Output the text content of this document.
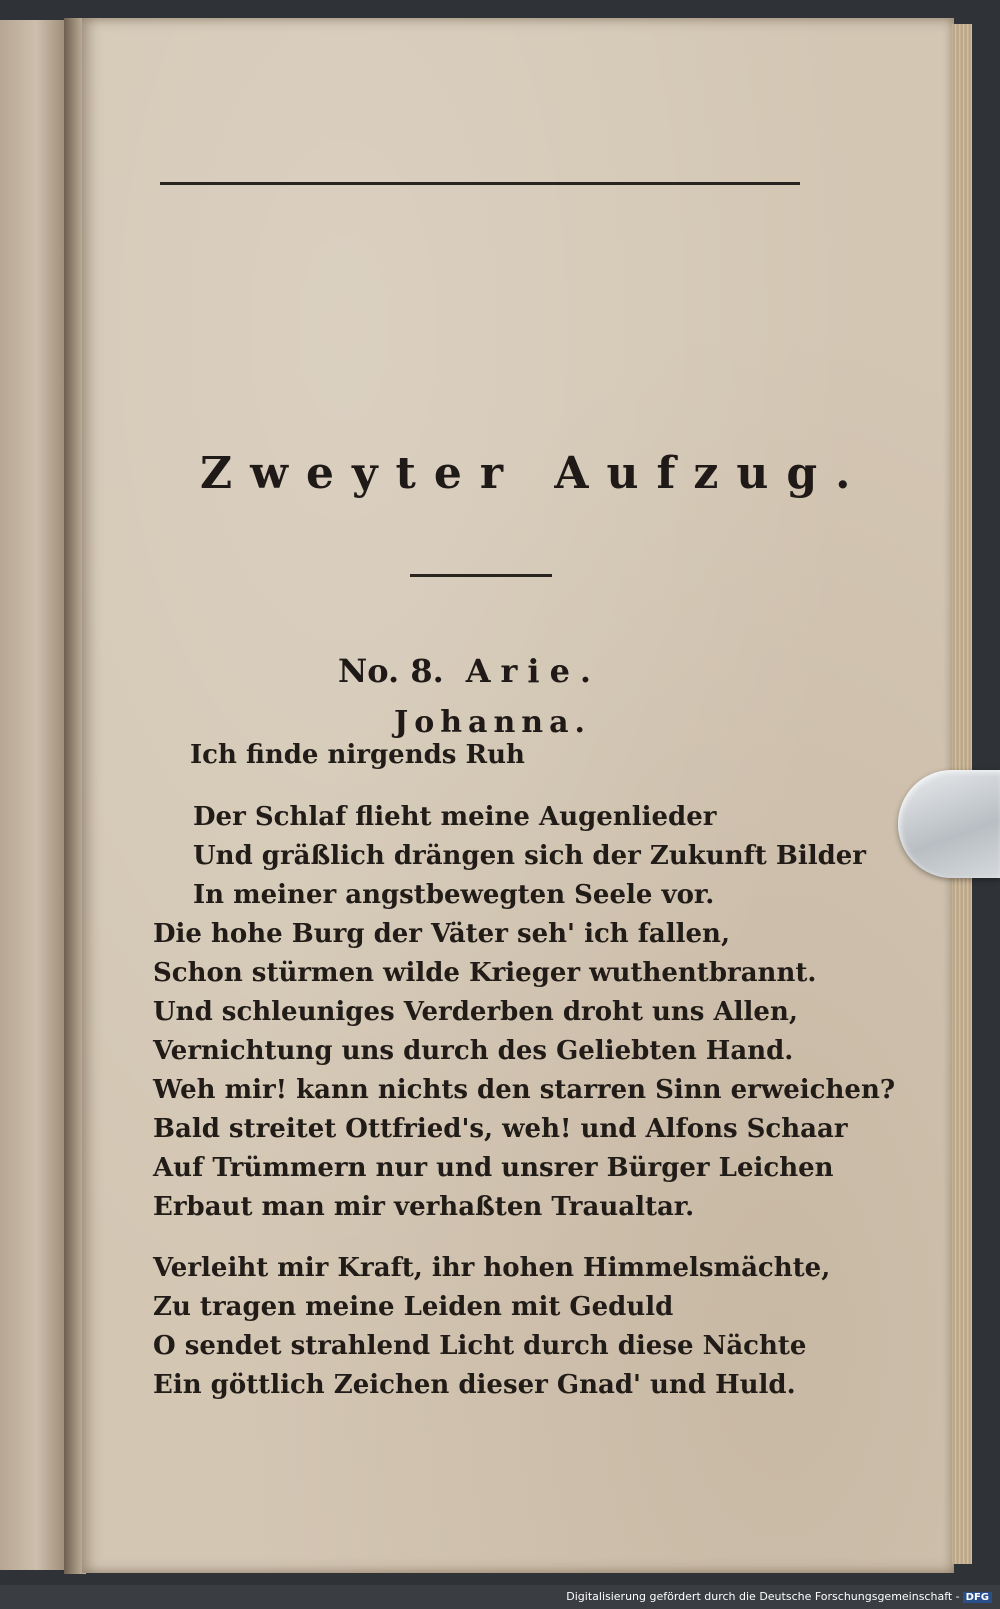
Zweyter Aufzug.
No. 8. Arie.
Johanna.
Ich finde nirgends Ruh
Der Schlaf flieht meine Augenlieder
Und gräßlich drängen sich der Zukunft Bilder
In meiner angstbewegten Seele vor.
Die hohe Burg der Väter seh' ich fallen,
Schon stürmen wilde Krieger wuthentbrannt.
Und schleuniges Verderben droht uns Allen,
Vernichtung uns durch des Geliebten Hand.
Weh mir! kann nichts den starren Sinn erweichen?
Bald streitet Ottfried's, weh! und Alfons Schaar
Auf Trümmern nur und unsrer Bürger Leichen
Erbaut man mir verhaßten Traualtar.
Verleiht mir Kraft, ihr hohen Himmelsmächte,
Zu tragen meine Leiden mit Geduld
O sendet strahlend Licht durch diese Nächte
Ein göttlich Zeichen dieser Gnad' und Huld.
Digitalisierung gefördert durch die Deutsche Forschungsgemeinschaft - DFG
